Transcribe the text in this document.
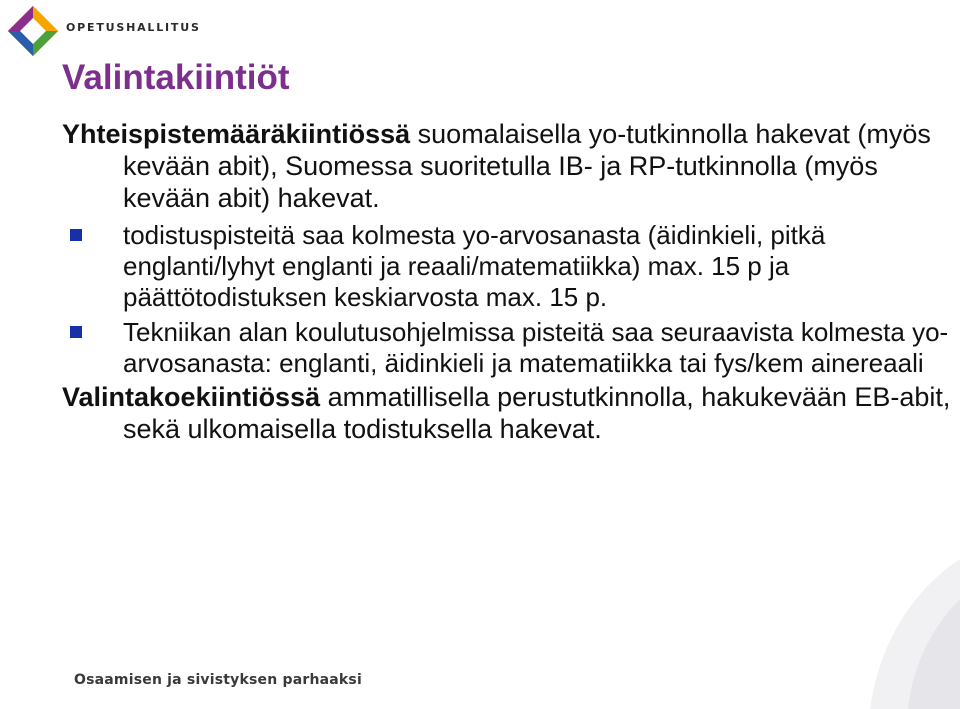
OPETUSHALLITUS
Valintakiintiöt

Yhteispistemääräkiintiössä suomalaisella yo-tutkinnolla hakevat (myös kevään abit), Suomessa suoritetulla IB- ja RP-tutkinnolla (myös kevään abit) hakevat.

todistuspisteitä saa kolmesta yo-arvosanasta (äidinkieli, pitkä englanti/lyhyt englanti ja reaali/matematiikka) max. 15 p ja päättötodistuksen keskiarvosta max. 15 p.
Tekniikan alan koulutusohjelmissa pisteitä saa seuraavista kolmesta yo-arvosanasta: englanti, äidinkieli ja matematiikka tai fys/kem ainereaali

Valintakoekiintiössä ammatillisella perustutkinnolla, hakukevään EB-abit, sekä ulkomaisella todistuksella hakevat.

Osaamisen ja sivistyksen parhaaksi
